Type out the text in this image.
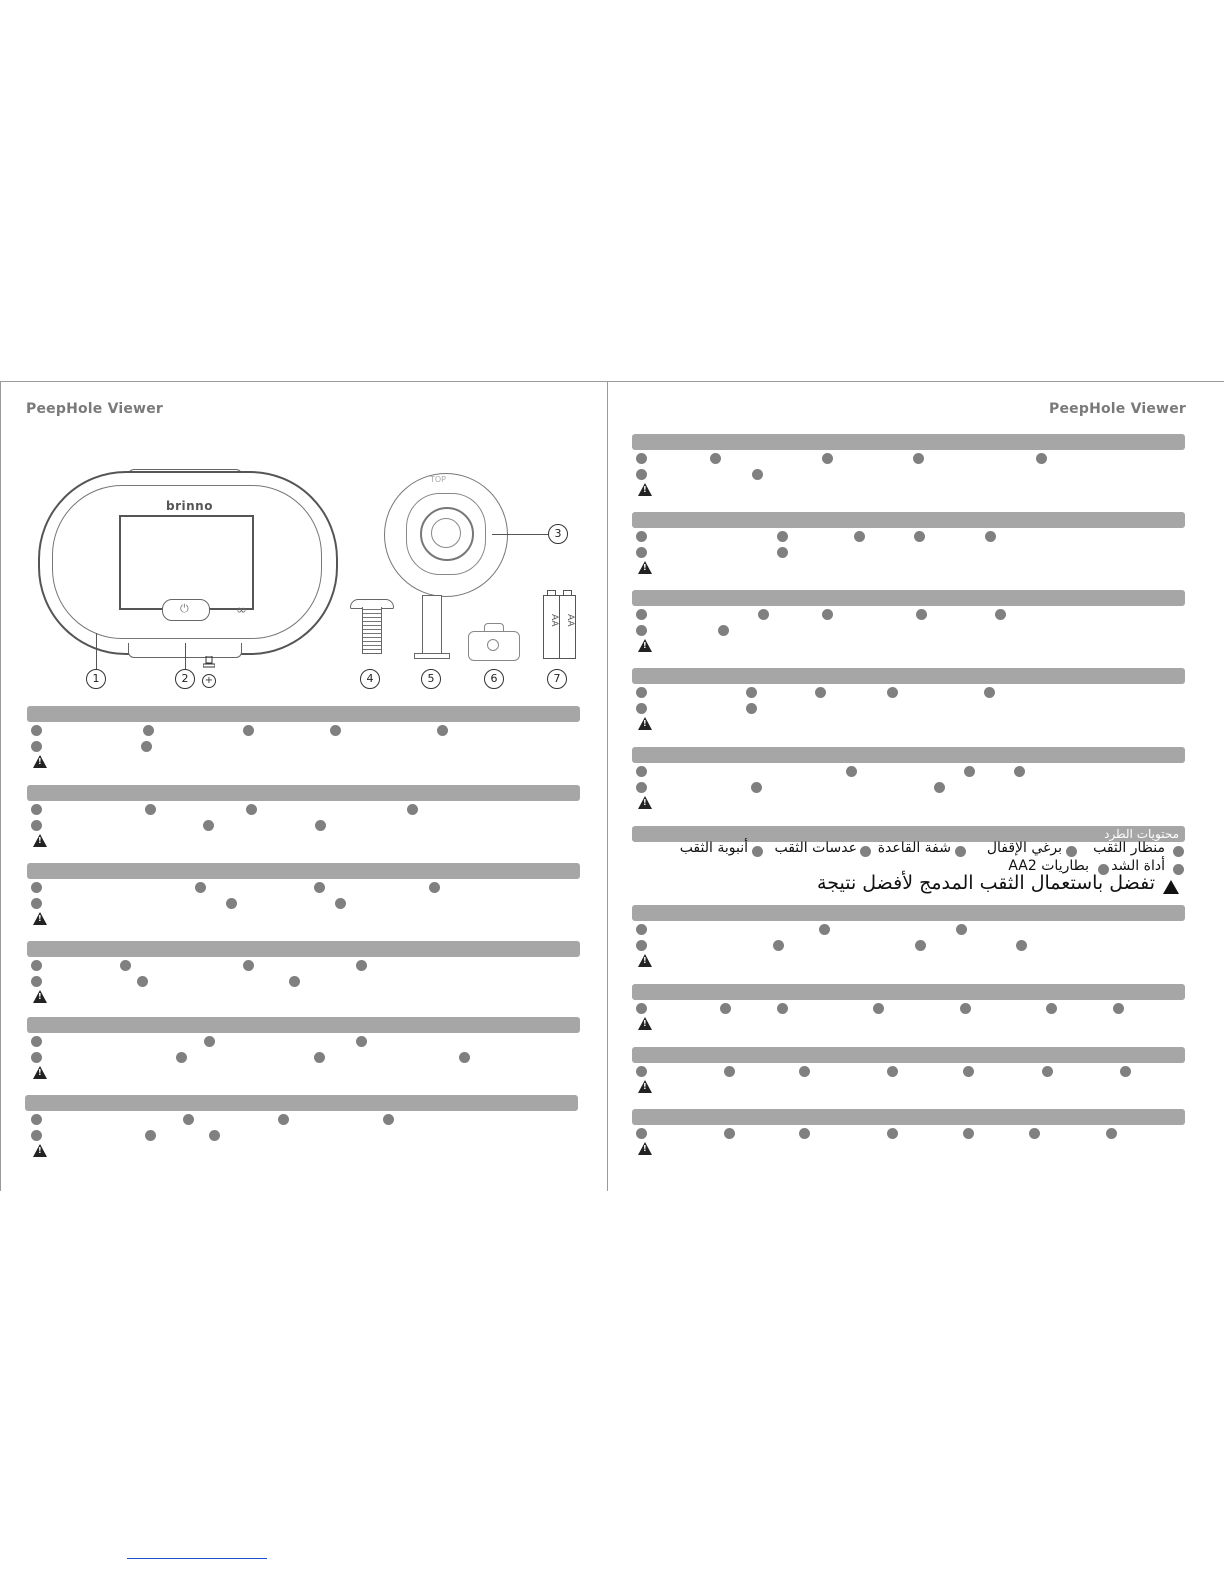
PeepHole Viewer	PeepHole Viewer
brinno
⏻	∞
TOP
AA AA
+
1	2
3
4	5	6	7
!
!
!
!
!
!
!
!
!
!
!
محتويات الطرد
منظار الثقب
برغي الإقفال
شفة القاعدة
عدسات الثقب
أنبوبة الثقب
أداة الشد
AA2 بطاريات
تفضل باستعمال الثقب المدمج لأفضل نتيجة
!
!
!
!
